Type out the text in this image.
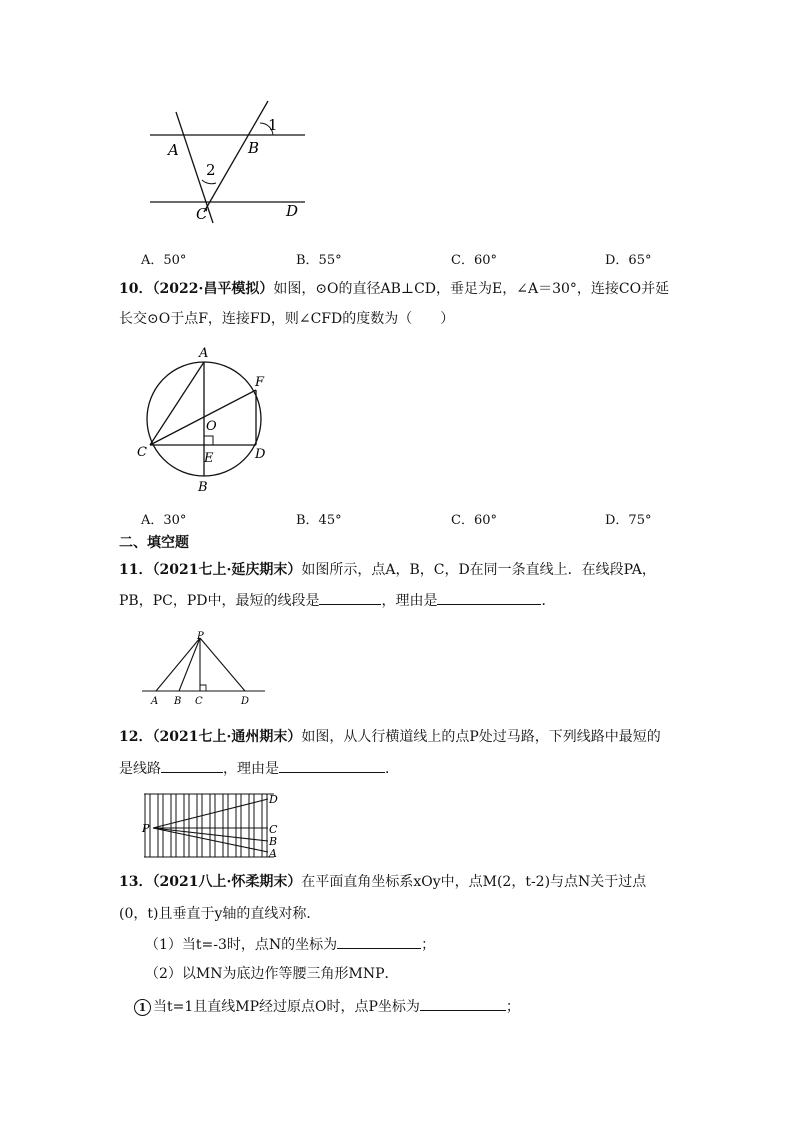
1
A	B
2
C	D
A．50°	B．55°	C．60°	D．65°
10．（2022·昌平模拟）如图，⊙O的直径AB⊥CD，垂足为E，∠A＝30°，连接CO并延
长交⊙O于点F，连接FD，则∠CFD的度数为（　　）
A
F
O
C	E	D
B
A．30°	B．45°	C．60°	D．75°
二、填空题
11．（2021七上·延庆期末）如图所示，点A，B，C，D在同一条直线上．在线段PA，
PB，PC，PD中，最短的线段是	，理由是	．
P
A B C	D
12．（2021七上·通州期末）如图，从人行横道线上的点P处过马路，下列线路中最短的
是线路	，理由是	．
P
D
C
B
A
13．（2021八上·怀柔期末）在平面直角坐标系xOy中，点M(2，t-2)与点N关于过点
(0，t)且垂直于y轴的直线对称．
（1）当t=-3时，点N的坐标为	；
（2）以MN为底边作等腰三角形MNP．
1 当t=1且直线MP经过原点O时，点P坐标为	；
